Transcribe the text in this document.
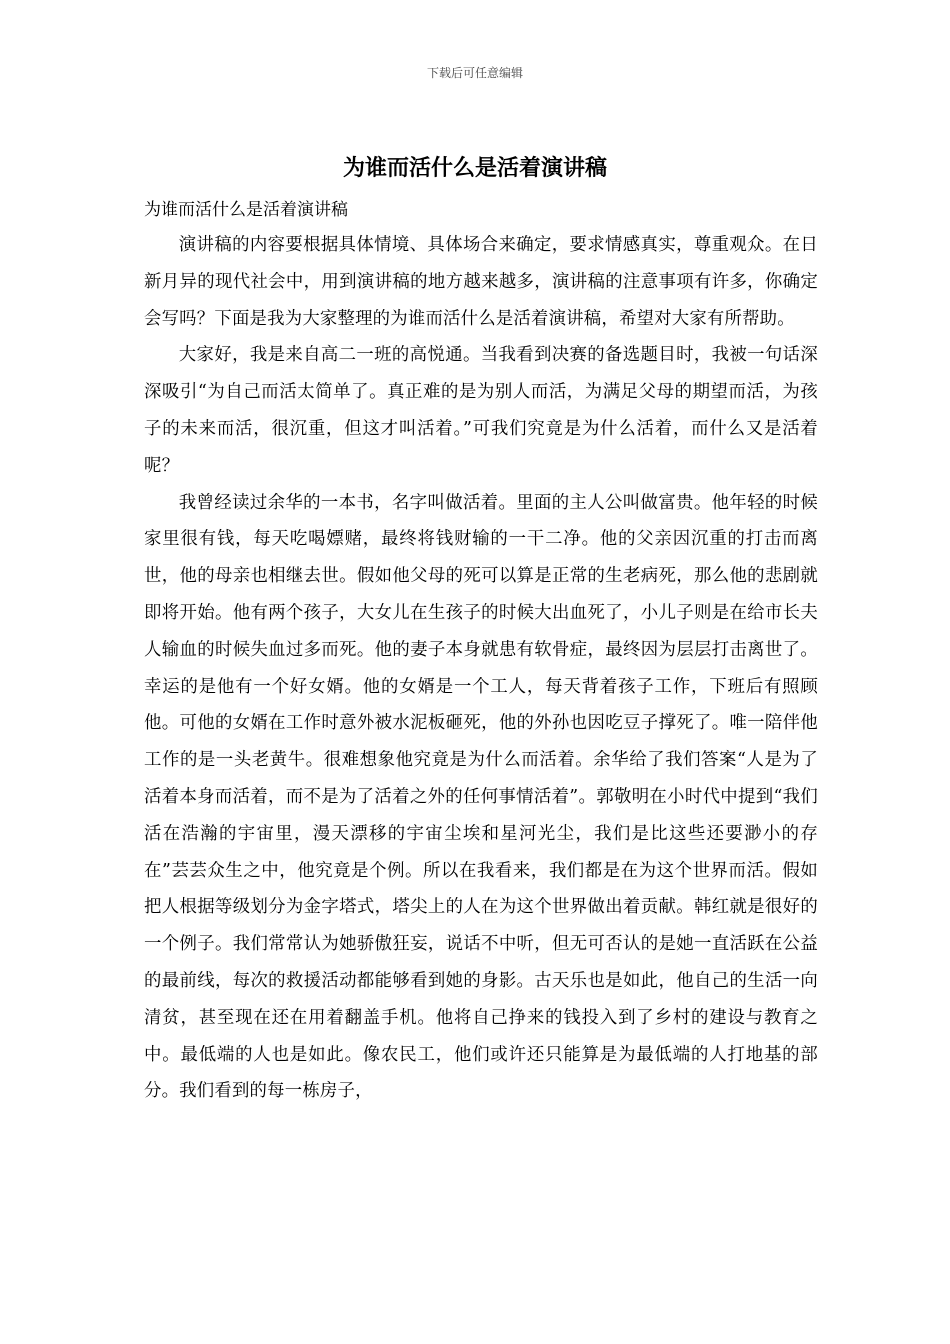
下载后可任意编辑
为谁而活什么是活着演讲稿

为谁而活什么是活着演讲稿

演讲稿的内容要根据具体情境、具体场合来确定，要求情感真实，尊重观众。在日新月异的现代社会中，用到演讲稿的地方越来越多，演讲稿的注意事项有许多，你确定会写吗？下面是我为大家整理的为谁而活什么是活着演讲稿，希望对大家有所帮助。

大家好，我是来自高二一班的高悦通。当我看到决赛的备选题目时，我被一句话深深吸引“为自己而活太简单了。真正难的是为别人而活，为满足父母的期望而活，为孩子的未来而活，很沉重，但这才叫活着。”可我们究竟是为什么活着，而什么又是活着呢？

我曾经读过余华的一本书，名字叫做活着。里面的主人公叫做富贵。他年轻的时候家里很有钱，每天吃喝嫖赌，最终将钱财输的一干二净。他的父亲因沉重的打击而离世，他的母亲也相继去世。假如他父母的死可以算是正常的生老病死，那么他的悲剧就即将开始。他有两个孩子，大女儿在生孩子的时候大出血死了，小儿子则是在给市长夫人输血的时候失血过多而死。他的妻子本身就患有软骨症，最终因为层层打击离世了。幸运的是他有一个好女婿。他的女婿是一个工人，每天背着孩子工作，下班后有照顾他。可他的女婿在工作时意外被水泥板砸死，他的外孙也因吃豆子撑死了。唯一陪伴他工作的是一头老黄牛。很难想象他究竟是为什么而活着。余华给了我们答案“人是为了活着本身而活着，而不是为了活着之外的任何事情活着”。郭敬明在小时代中提到“我们活在浩瀚的宇宙里，漫天漂移的宇宙尘埃和星河光尘，我们是比这些还要渺小的存在”芸芸众生之中，他究竟是个例。所以在我看来，我们都是在为这个世界而活。假如把人根据等级划分为金字塔式，塔尖上的人在为这个世界做出着贡献。韩红就是很好的一个例子。我们常常认为她骄傲狂妄，说话不中听，但无可否认的是她一直活跃在公益的最前线，每次的救援活动都能够看到她的身影。古天乐也是如此，他自己的生活一向清贫，甚至现在还在用着翻盖手机。他将自己挣来的钱投入到了乡村的建设与教育之中。最低端的人也是如此。像农民工，他们或许还只能算是为最低端的人打地基的部分。我们看到的每一栋房子，
